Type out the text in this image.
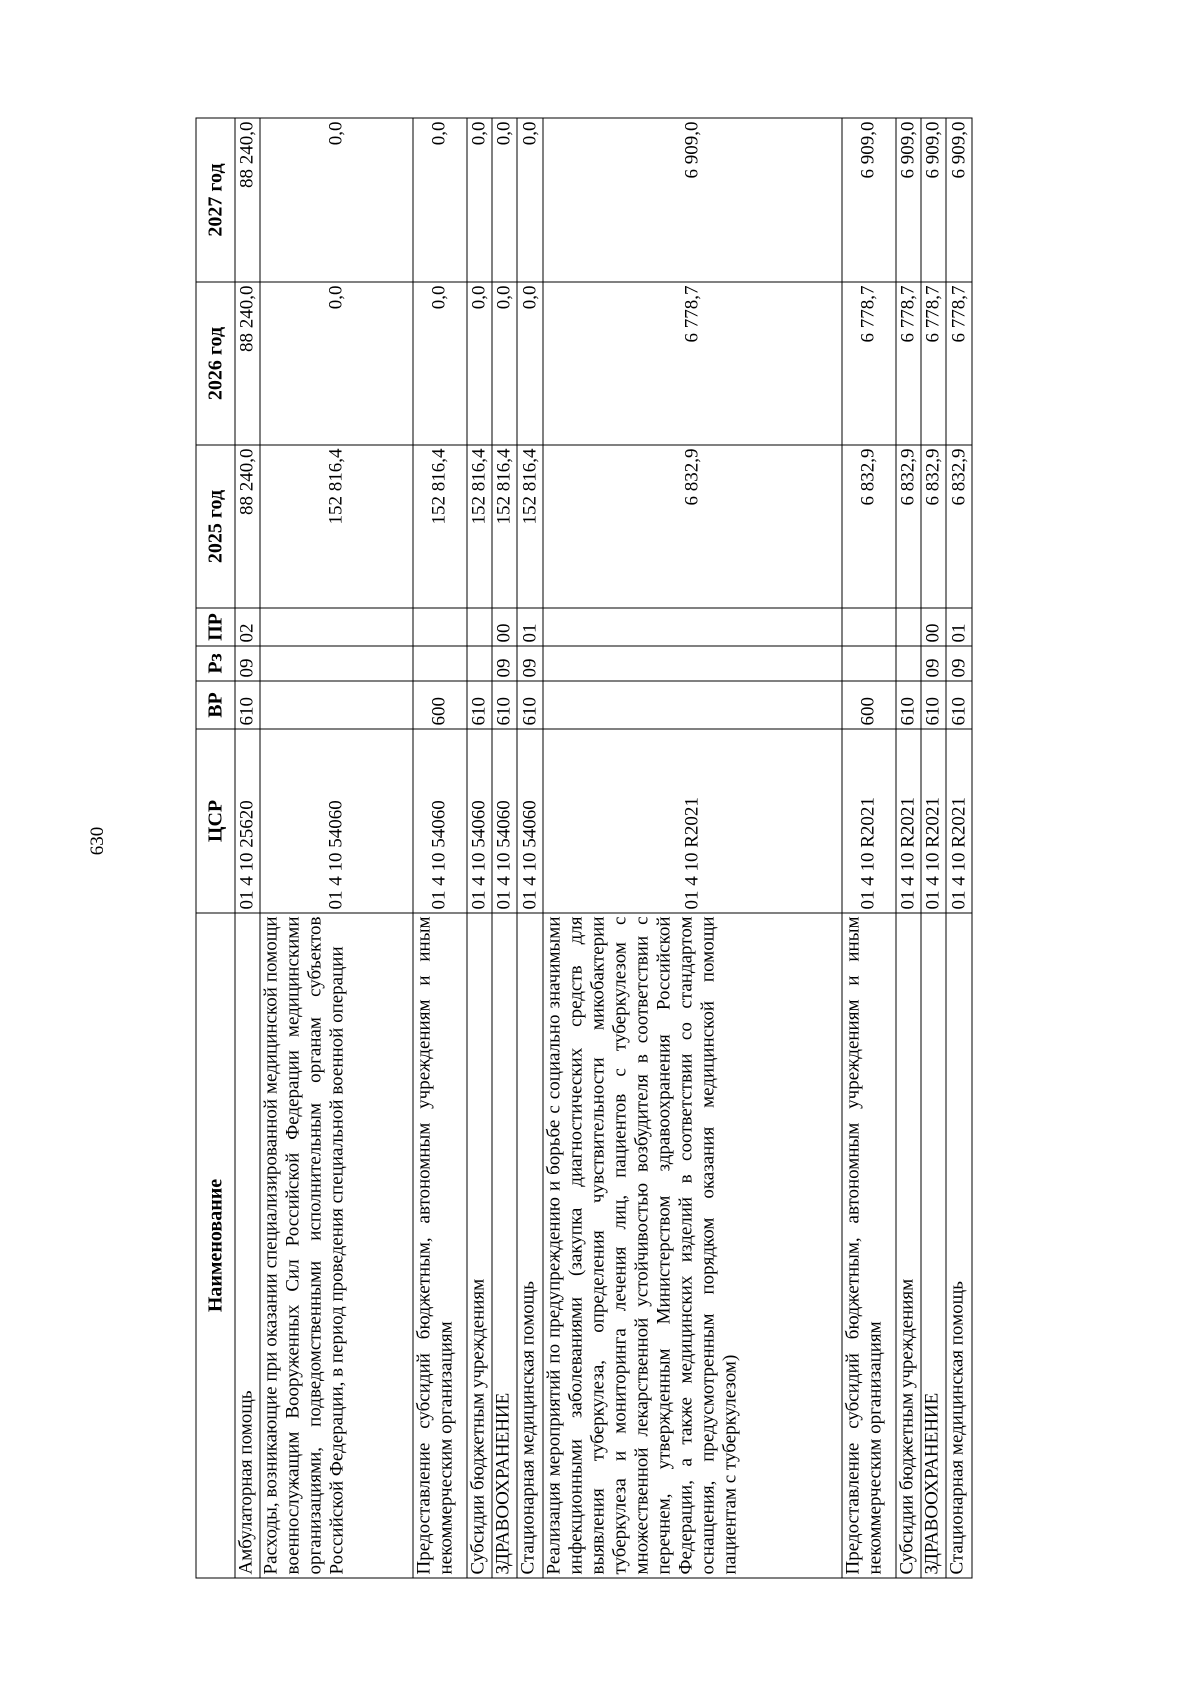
630
Наименование	ЦСР	ВР	Рз	ПР	2025 год	2026 год	2027 год
Амбулаторная помощь	01 4 10 25620	610	09	02	88 240,0	88 240,0	88 240,0
Расходы, возникающие при оказании специализированной медицинской помощи военнослужащим Вооруженных Сил Российской Федерации медицинскими организациями, подведомственными исполнительным органам субъектов Российской Федерации, в период проведения специальной военной операции	01 4 10 54060				152 816,4	0,0	0,0
Предоставление субсидий бюджетным, автономным учреждениям и иным некоммерческим организациям	01 4 10 54060	600			152 816,4	0,0	0,0
Субсидии бюджетным учреждениям	01 4 10 54060	610			152 816,4	0,0	0,0
ЗДРАВООХРАНЕНИЕ	01 4 10 54060	610	09	00	152 816,4	0,0	0,0
Стационарная медицинская помощь	01 4 10 54060	610	09	01	152 816,4	0,0	0,0
Реализация мероприятий по предупреждению и борьбе с социально значимыми инфекционными заболеваниями (закупка диагностических средств для выявления туберкулеза, определения чувствительности микобактерии туберкулеза и мониторинга лечения лиц, пациентов с туберкулезом с множественной лекарственной устойчивостью возбудителя в соответствии с перечнем, утвержденным Министерством здравоохранения Российской Федерации, а также медицинских изделий в соответствии со стандартом оснащения, предусмотренным порядком оказания медицинской помощи пациентам с туберкулезом)	01 4 10 R2021				6 832,9	6 778,7	6 909,0
Предоставление субсидий бюджетным, автономным учреждениям и иным некоммерческим организациям	01 4 10 R2021	600			6 832,9	6 778,7	6 909,0
Субсидии бюджетным учреждениям	01 4 10 R2021	610			6 832,9	6 778,7	6 909,0
ЗДРАВООХРАНЕНИЕ	01 4 10 R2021	610	09	00	6 832,9	6 778,7	6 909,0
Стационарная медицинская помощь	01 4 10 R2021	610	09	01	6 832,9	6 778,7	6 909,0
